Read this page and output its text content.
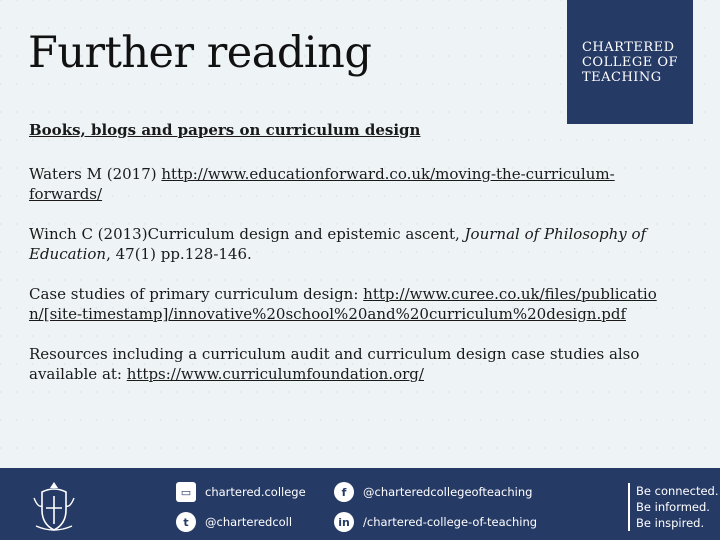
Further reading	CHARTERED
COLLEGE OF
TEACHING

Books, blogs and papers on curriculum design

Waters M (2017) http://www.educationforward.co.uk/moving-the-curriculum-forwards/

Winch C (2013)Curriculum design and epistemic ascent, Journal of Philosophy of Education, 47(1) pp.128-146.

Case studies of primary curriculum design: http://www.curee.co.uk/files/publication/[site-timestamp]/innovative%20school%20and%20curriculum%20design.pdf

Resources including a curriculum audit and curriculum design case studies also available at: https://www.curriculumfoundation.org/

▭	chartered.college	f	@charteredcollegeofteaching
t	@charteredcoll	in	/chartered-college-of-teaching
Be connected.
Be informed.
Be inspired.
